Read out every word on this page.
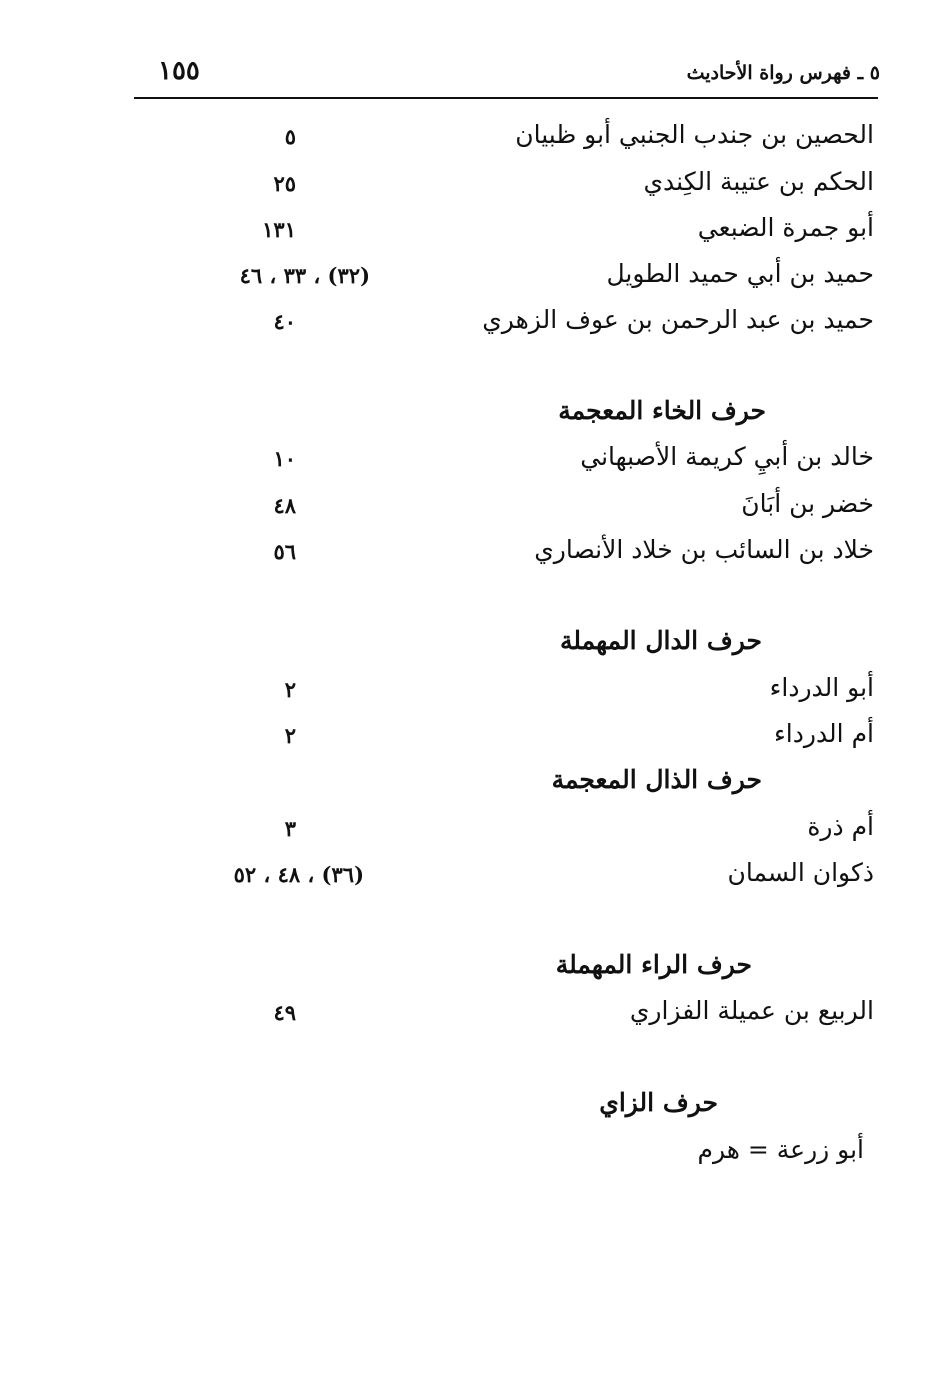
١٥٥	٥ ـ فهرس رواة الأحاديث
الحصين بن جندب الجنبي أبو ظبيان
٥
الحكم بن عتيبة الكِندي
٢٥
أبو جمرة الضبعي
١٣١
حميد بن أبي حميد الطويل
(٣٢) ، ٣٣ ، ٤٦
حميد بن عبد الرحمن بن عوف الزهري
٤٠
حرف الخاء المعجمة
خالد بن أبيِ كريمة الأصبهاني
١٠
خضر بن أبَانَ
٤٨
خلاد بن السائب بن خلاد الأنصاري
٥٦
حرف الدال المهملة
أبو الدرداء
٢
أم الدرداء
٢
حرف الذال المعجمة
أم ذرة
٣
ذكوان السمان
(٣٦) ، ٤٨ ، ٥٢
حرف الراء المهملة
الربيع بن عميلة الفزاري
٤٩
حرف الزاي
أبو زرعة = هرم
